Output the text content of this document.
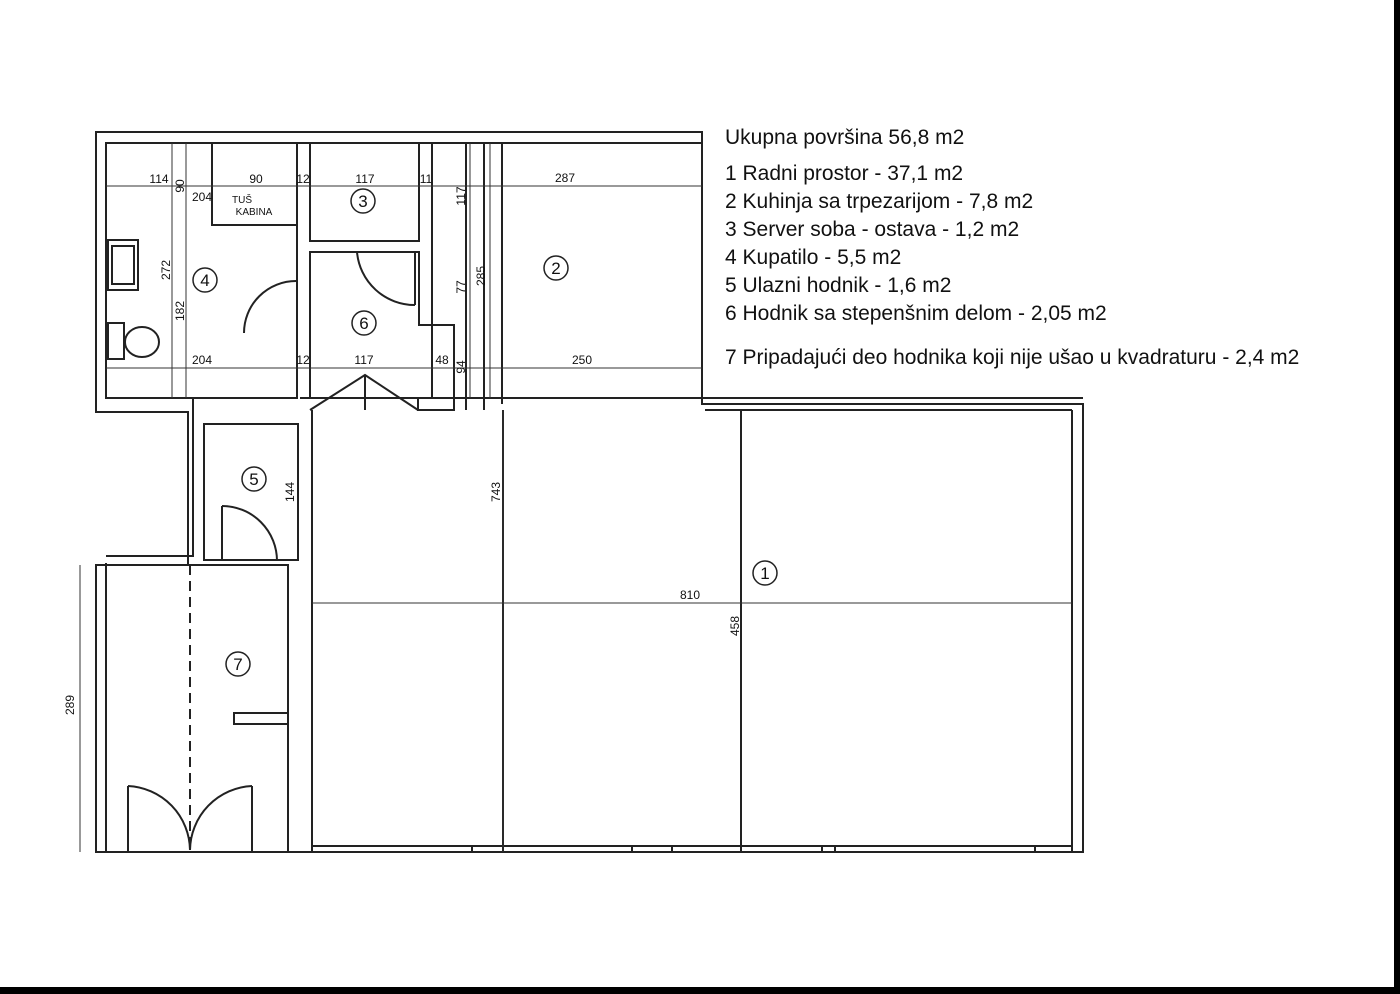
1
2
3
4
5
6
7
TUŠ
KABINA
114
204
90	12	117	11	287
204	12	117	48	250
810
90
117
272
182
77
285
94
743
144
458
289
Ukupna površina 56,8 m2
1 Radni prostor - 37,1 m2
2 Kuhinja sa trpezarijom - 7,8 m2
3 Server soba - ostava - 1,2 m2
4 Kupatilo - 5,5 m2
5 Ulazni hodnik - 1,6 m2
6 Hodnik sa stepenšnim delom - 2,05 m2
7 Pripadajući deo hodnika koji nije ušao u kvadraturu - 2,4 m2
